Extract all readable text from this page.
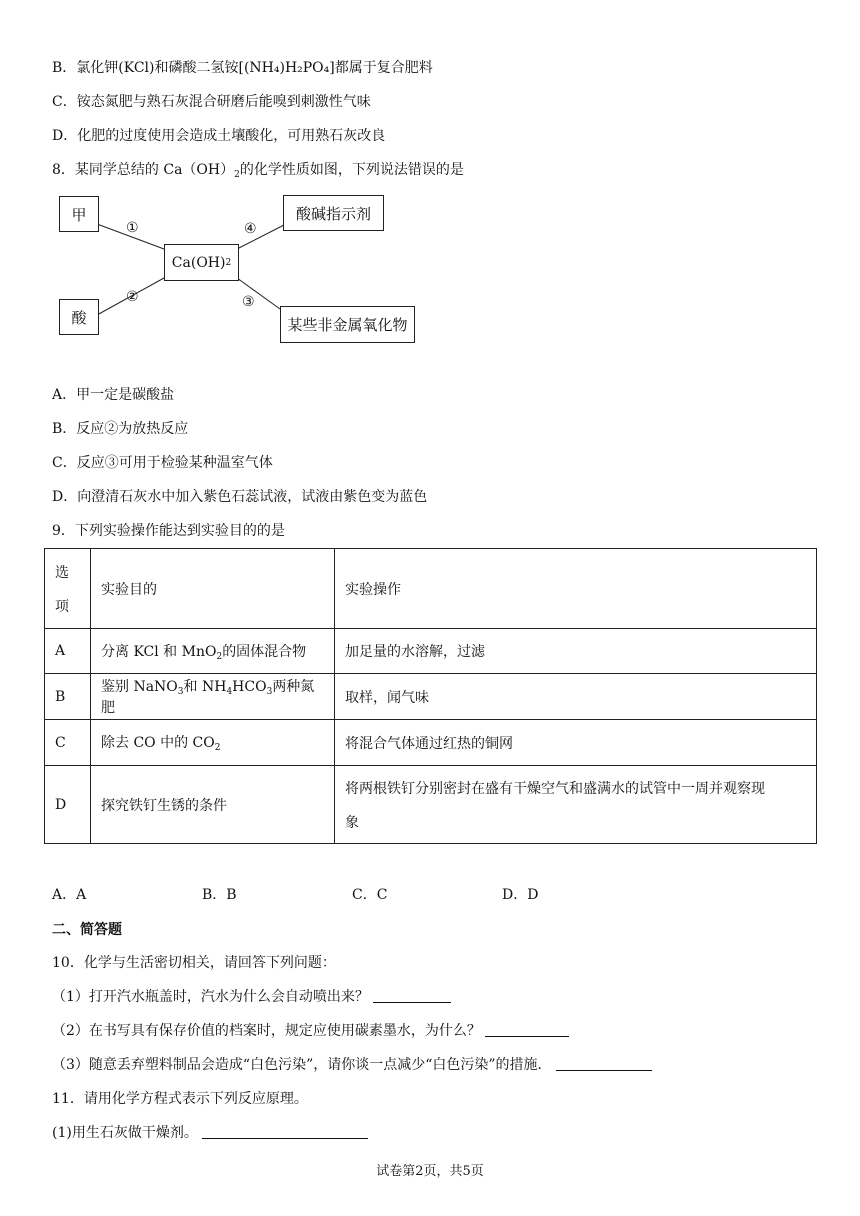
B．氯化钾(KCl)和磷酸二氢铵[(NH₄)H₂PO₄]都属于复合肥料
C．铵态氮肥与熟石灰混合研磨后能嗅到刺激性气味
D．化肥的过度使用会造成土壤酸化，可用熟石灰改良
8．某同学总结的 $Ca(OH)_2$的化学性质如图，下列说法错误的是
甲
酸
Ca(OH) 2
酸碱指示剂
某些非金属氧化物
①
②	③
④
A．甲一定是碳酸盐
B．反应②为放热反应
C．反应③可用于检验某种温室气体
D．向澄清石灰水中加入紫色石蕊试液，试液由紫色变为蓝色
9．下列实验操作能达到实验目的的是
选
项	实验目的	实验操作
A	分离 KCl 和 MnO$_2$的固体混合物	加足量的水溶解，过滤
B	鉴别 NaNO$_3$和 $NH_4HCO_3$两种氮肥	取样，闻气味
C	除去 CO 中的 $CO_2$	将混合气体通过红热的铜网
D	探究铁钉生锈的条件	将两根铁钉分别密封在盛有干燥空气和盛满水的试管中一周并观察现
象
A．A	B．B	C．C	D．D
二、简答题
10．化学与生活密切相关，请回答下列问题：
（1）打开汽水瓶盖时，汽水为什么会自动喷出来？
（2）在书写具有保存价值的档案时，规定应使用碳素墨水，为什么？
（3）随意丢弃塑料制品会造成“白色污染”，请你谈一点减少“白色污染”的措施．
11．请用化学方程式表示下列反应原理。
(1)用生石灰做干燥剂。
试卷第2页，共5页
